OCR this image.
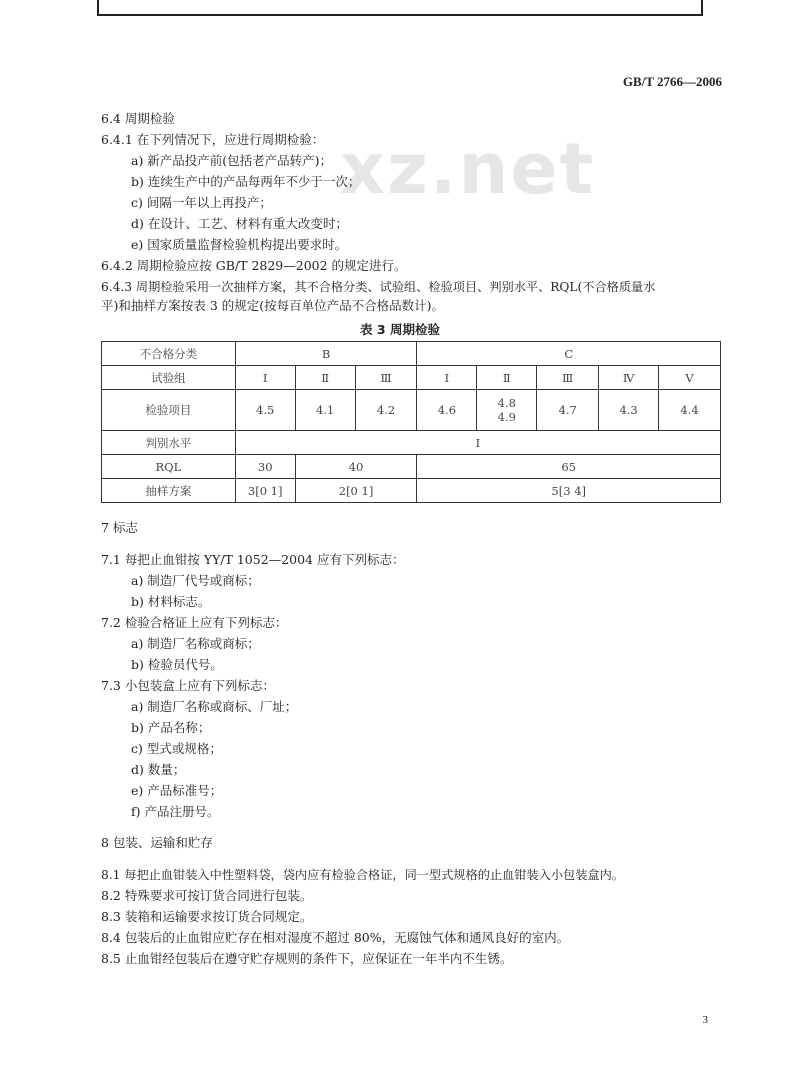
GB/T 2766—2006
xz.net
6.4 周期检验
6.4.1 在下列情况下，应进行周期检验：
a) 新产品投产前(包括老产品转产)；
b) 连续生产中的产品每两年不少于一次；
c) 间隔一年以上再投产；
d) 在设计、工艺、材料有重大改变时；
e) 国家质量监督检验机构提出要求时。
6.4.2 周期检验应按 GB/T 2829—2002 的规定进行。
6.4.3 周期检验采用一次抽样方案，其不合格分类、试验组、检验项目、判别水平、RQL(不合格质量水
平)和抽样方案按表 3 的规定(按每百单位产品不合格品数计)。
表 3 周期检验
不合格分类	B			C				
试验组	Ⅰ	Ⅱ	Ⅲ	Ⅰ	Ⅱ	Ⅲ	Ⅳ	Ⅴ
检验项目	4.5	4.1	4.2	4.6	4.8
4.9	4.7	4.3	4.4
判别水平	Ⅰ							
RQL	30	40		65				
抽样方案	3[0 1]	2[0 1]		5[3 4]				
7 标志
7.1 每把止血钳按 YY/T 1052—2004 应有下列标志：
a) 制造厂代号或商标；
b) 材料标志。
7.2 检验合格证上应有下列标志：
a) 制造厂名称或商标；
b) 检验员代号。
7.3 小包装盒上应有下列标志：
a) 制造厂名称或商标、厂址；
b) 产品名称；
c) 型式或规格；
d) 数量；
e) 产品标准号；
f) 产品注册号。
8 包装、运输和贮存
8.1 每把止血钳装入中性塑料袋，袋内应有检验合格证，同一型式规格的止血钳装入小包装盒内。
8.2 特殊要求可按订货合同进行包装。
8.3 装箱和运输要求按订货合同规定。
8.4 包装后的止血钳应贮存在相对湿度不超过 80%，无腐蚀气体和通风良好的室内。
8.5 止血钳经包装后在遵守贮存规则的条件下，应保证在一年半内不生锈。
3
